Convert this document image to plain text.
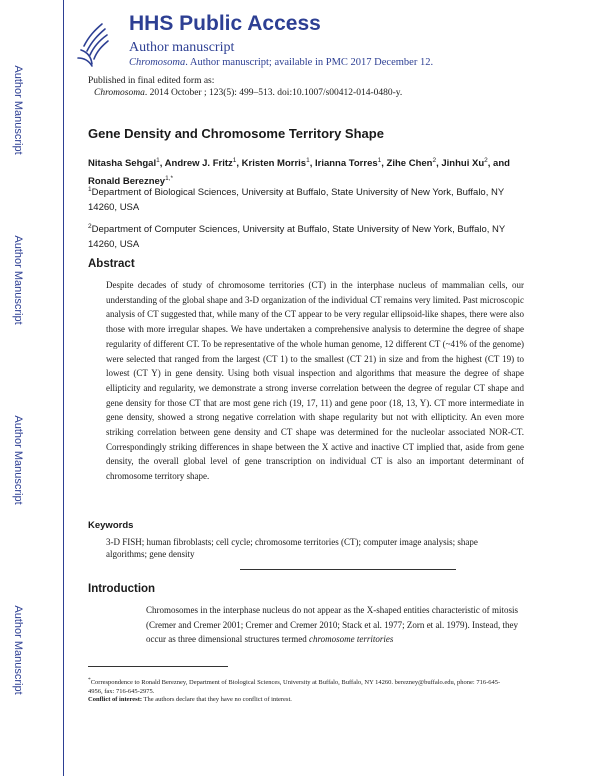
Author Manuscript
Author Manuscript
Author Manuscript
Author Manuscript
HHS Public Access
Author manuscript
Chromosoma. Author manuscript; available in PMC 2017 December 12.
Published in final edited form as:
Chromosoma. 2014 October ; 123(5): 499–513. doi:10.1007/s00412-014-0480-y.
Gene Density and Chromosome Territory Shape
Nitasha Sehgal$^1$, Andrew J. Fritz$^1$, Kristen Morris$^1$, Irianna Torres$^1$, Zihe Chen$^2$, Jinhui Xu$^2$, and Ronald Berezney$^{1,*}$
$^1$Department of Biological Sciences, University at Buffalo, State University of New York, Buffalo, NY 14260, USA
$^2$Department of Computer Sciences, University at Buffalo, State University of New York, Buffalo, NY 14260, USA
Abstract
Despite decades of study of chromosome territories (CT) in the interphase nucleus of mammalian cells, our understanding of the global shape and 3-D organization of the individual CT remains very limited. Past microscopic analysis of CT suggested that, while many of the CT appear to be very regular ellipsoid-like shapes, there were also those with more irregular shapes. We have undertaken a comprehensive analysis to determine the degree of shape regularity of different CT. To be representative of the whole human genome, 12 different CT (~41% of the genome) were selected that ranged from the largest (CT 1) to the smallest (CT 21) in size and from the highest (CT 19) to lowest (CT Y) in gene density. Using both visual inspection and algorithms that measure the degree of shape ellipticity and regularity, we demonstrate a strong inverse correlation between the degree of regular CT shape and gene density for those CT that are most gene rich (19, 17, 11) and gene poor (18, 13, Y). CT more intermediate in gene density, showed a strong negative correlation with shape regularity but not with ellipticity. An even more striking correlation between gene density and CT shape was determined for the nucleolar associated NOR-CT. Correspondingly striking differences in shape between the X active and inactive CT implied that, aside from gene density, the overall global level of gene transcription on individual CT is also an important determinant of chromosome territory shape.
Keywords
3-D FISH; human fibroblasts; cell cycle; chromosome territories (CT); computer image analysis; shape algorithms; gene density
Introduction
Chromosomes in the interphase nucleus do not appear as the X-shaped entities characteristic of mitosis (Cremer and Cremer 2001; Cremer and Cremer 2010; Stack et al. 1977; Zorn et al. 1979). Instead, they occur as three dimensional structures termed chromosome territories
*Correspondence to Ronald Berezney, Department of Biological Sciences, University at Buffalo, Buffalo, NY 14260. berezney@buffalo.edu, phone: 716-645-4956, fax: 716-645-2975.
Conflict of interest: The authors declare that they have no conflict of interest.
